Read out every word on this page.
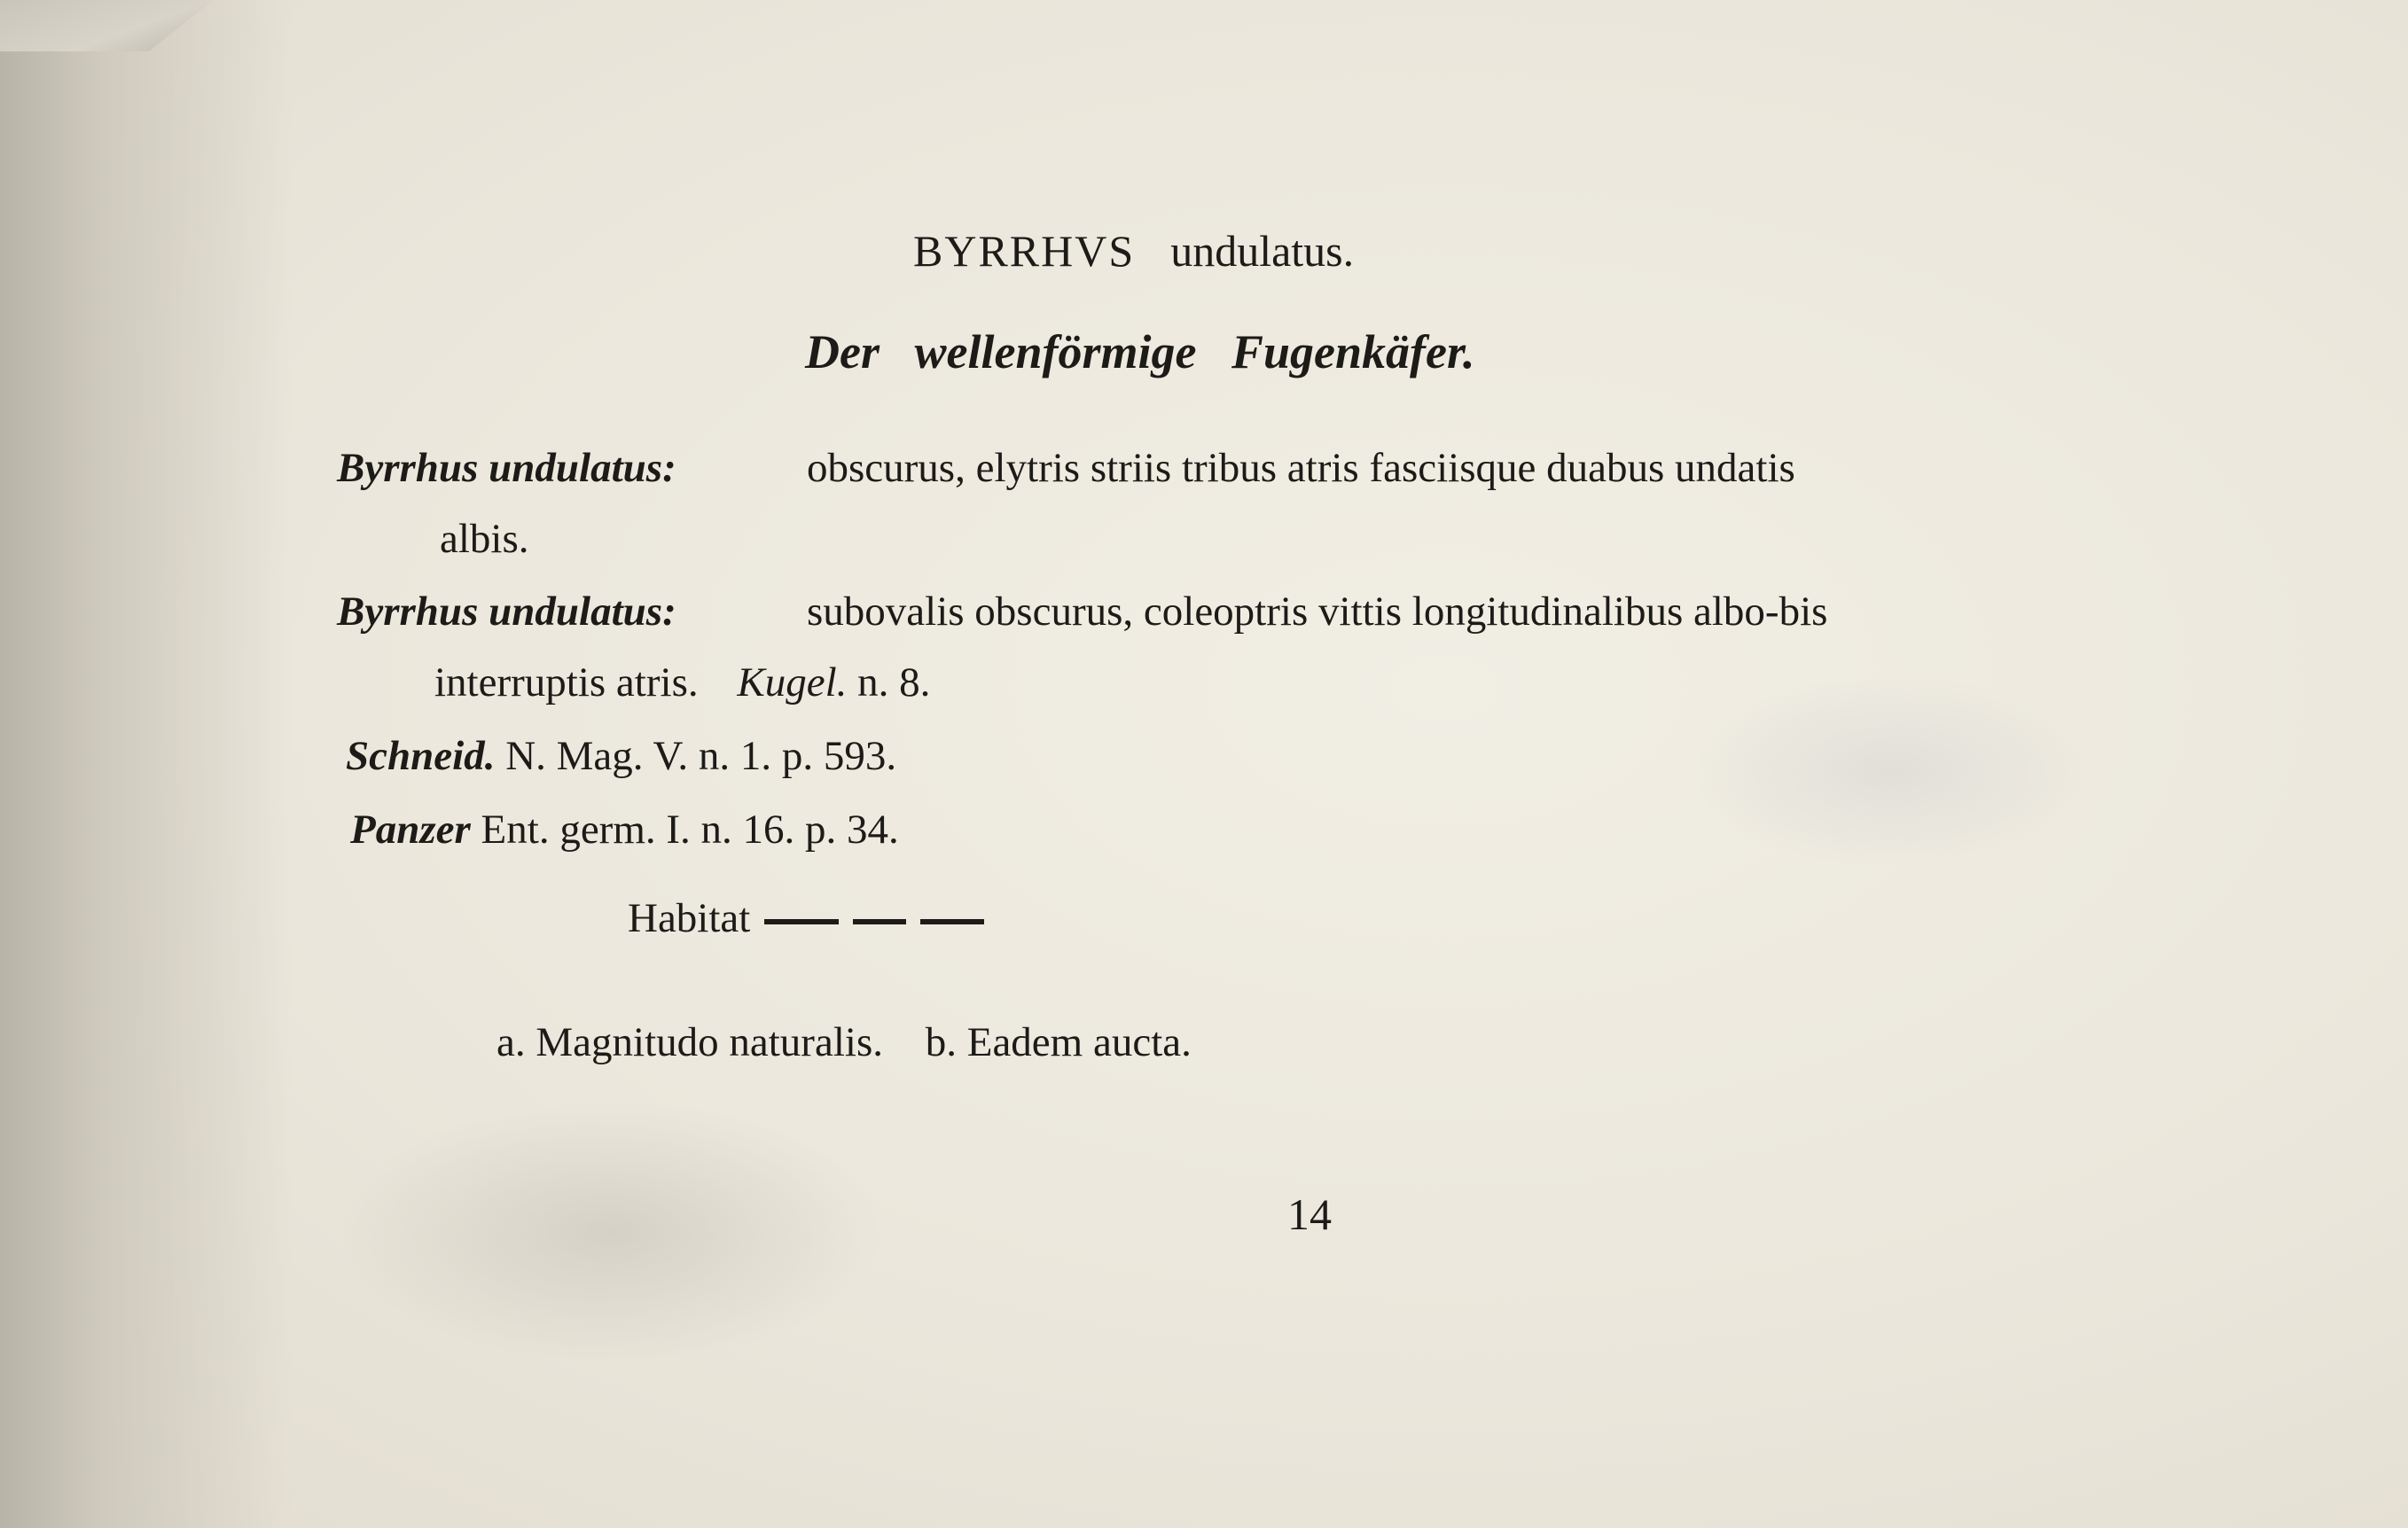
BYRRHVS undulatus.
Der wellenförmige Fugenkäfer.
Byrrhus undulatus:	obscurus, elytris striis tribus atris fasciisque duabus undatis
albis.
Byrrhus undulatus:	subovalis obscurus, coleoptris vittis longitudinalibus albo-bis
interruptis atris. Kugel. n. 8.
Schneid. N. Mag. V. n. 1. p. 593.
Panzer Ent. germ. I. n. 16. p. 34.
Habitat
a. Magnitudo naturalis. b. Eadem aucta.
14
